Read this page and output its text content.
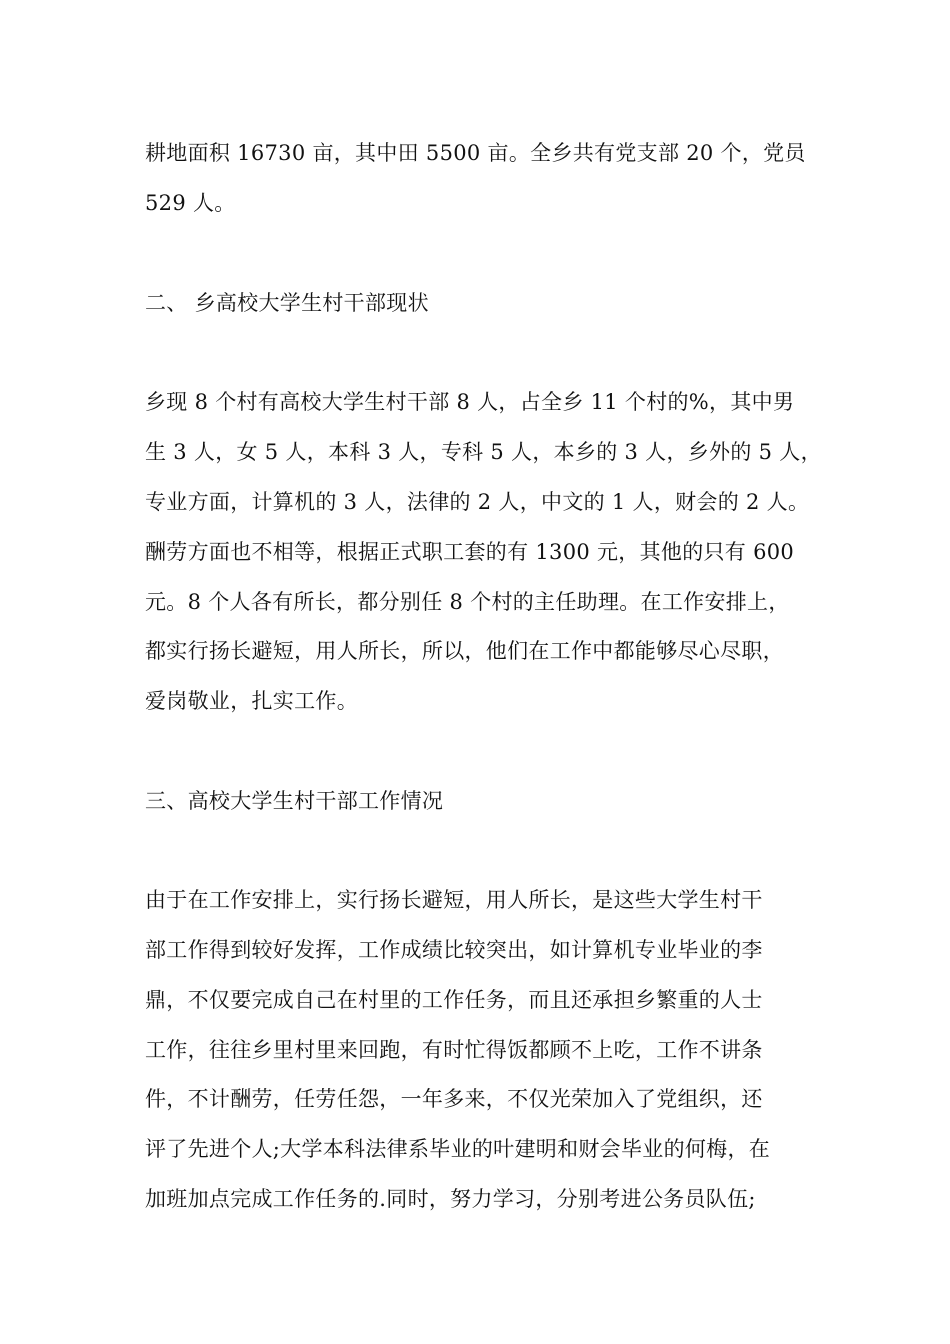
耕地面积 16730 亩，其中田 5500 亩。全乡共有党支部 20 个，党员
529 人。
二、 乡高校大学生村干部现状
乡现 8 个村有高校大学生村干部 8 人，占全乡 11 个村的%，其中男
生 3 人，女 5 人，本科 3 人，专科 5 人，本乡的 3 人，乡外的 5 人，
专业方面，计算机的 3 人，法律的 2 人，中文的 1 人，财会的 2 人。
酬劳方面也不相等，根据正式职工套的有 1300 元，其他的只有 600
元。8 个人各有所长，都分别任 8 个村的主任助理。在工作安排上，
都实行扬长避短，用人所长，所以，他们在工作中都能够尽心尽职，
爱岗敬业，扎实工作。
三、高校大学生村干部工作情况
由于在工作安排上，实行扬长避短，用人所长，是这些大学生村干
部工作得到较好发挥，工作成绩比较突出，如计算机专业毕业的李
鼎，不仅要完成自己在村里的工作任务，而且还承担乡繁重的人士
工作，往往乡里村里来回跑，有时忙得饭都顾不上吃，工作不讲条
件，不计酬劳，任劳任怨，一年多来，不仅光荣加入了党组织，还
评了先进个人;大学本科法律系毕业的叶建明和财会毕业的何梅，在
加班加点完成工作任务的.同时，努力学习，分别考进公务员队伍;
